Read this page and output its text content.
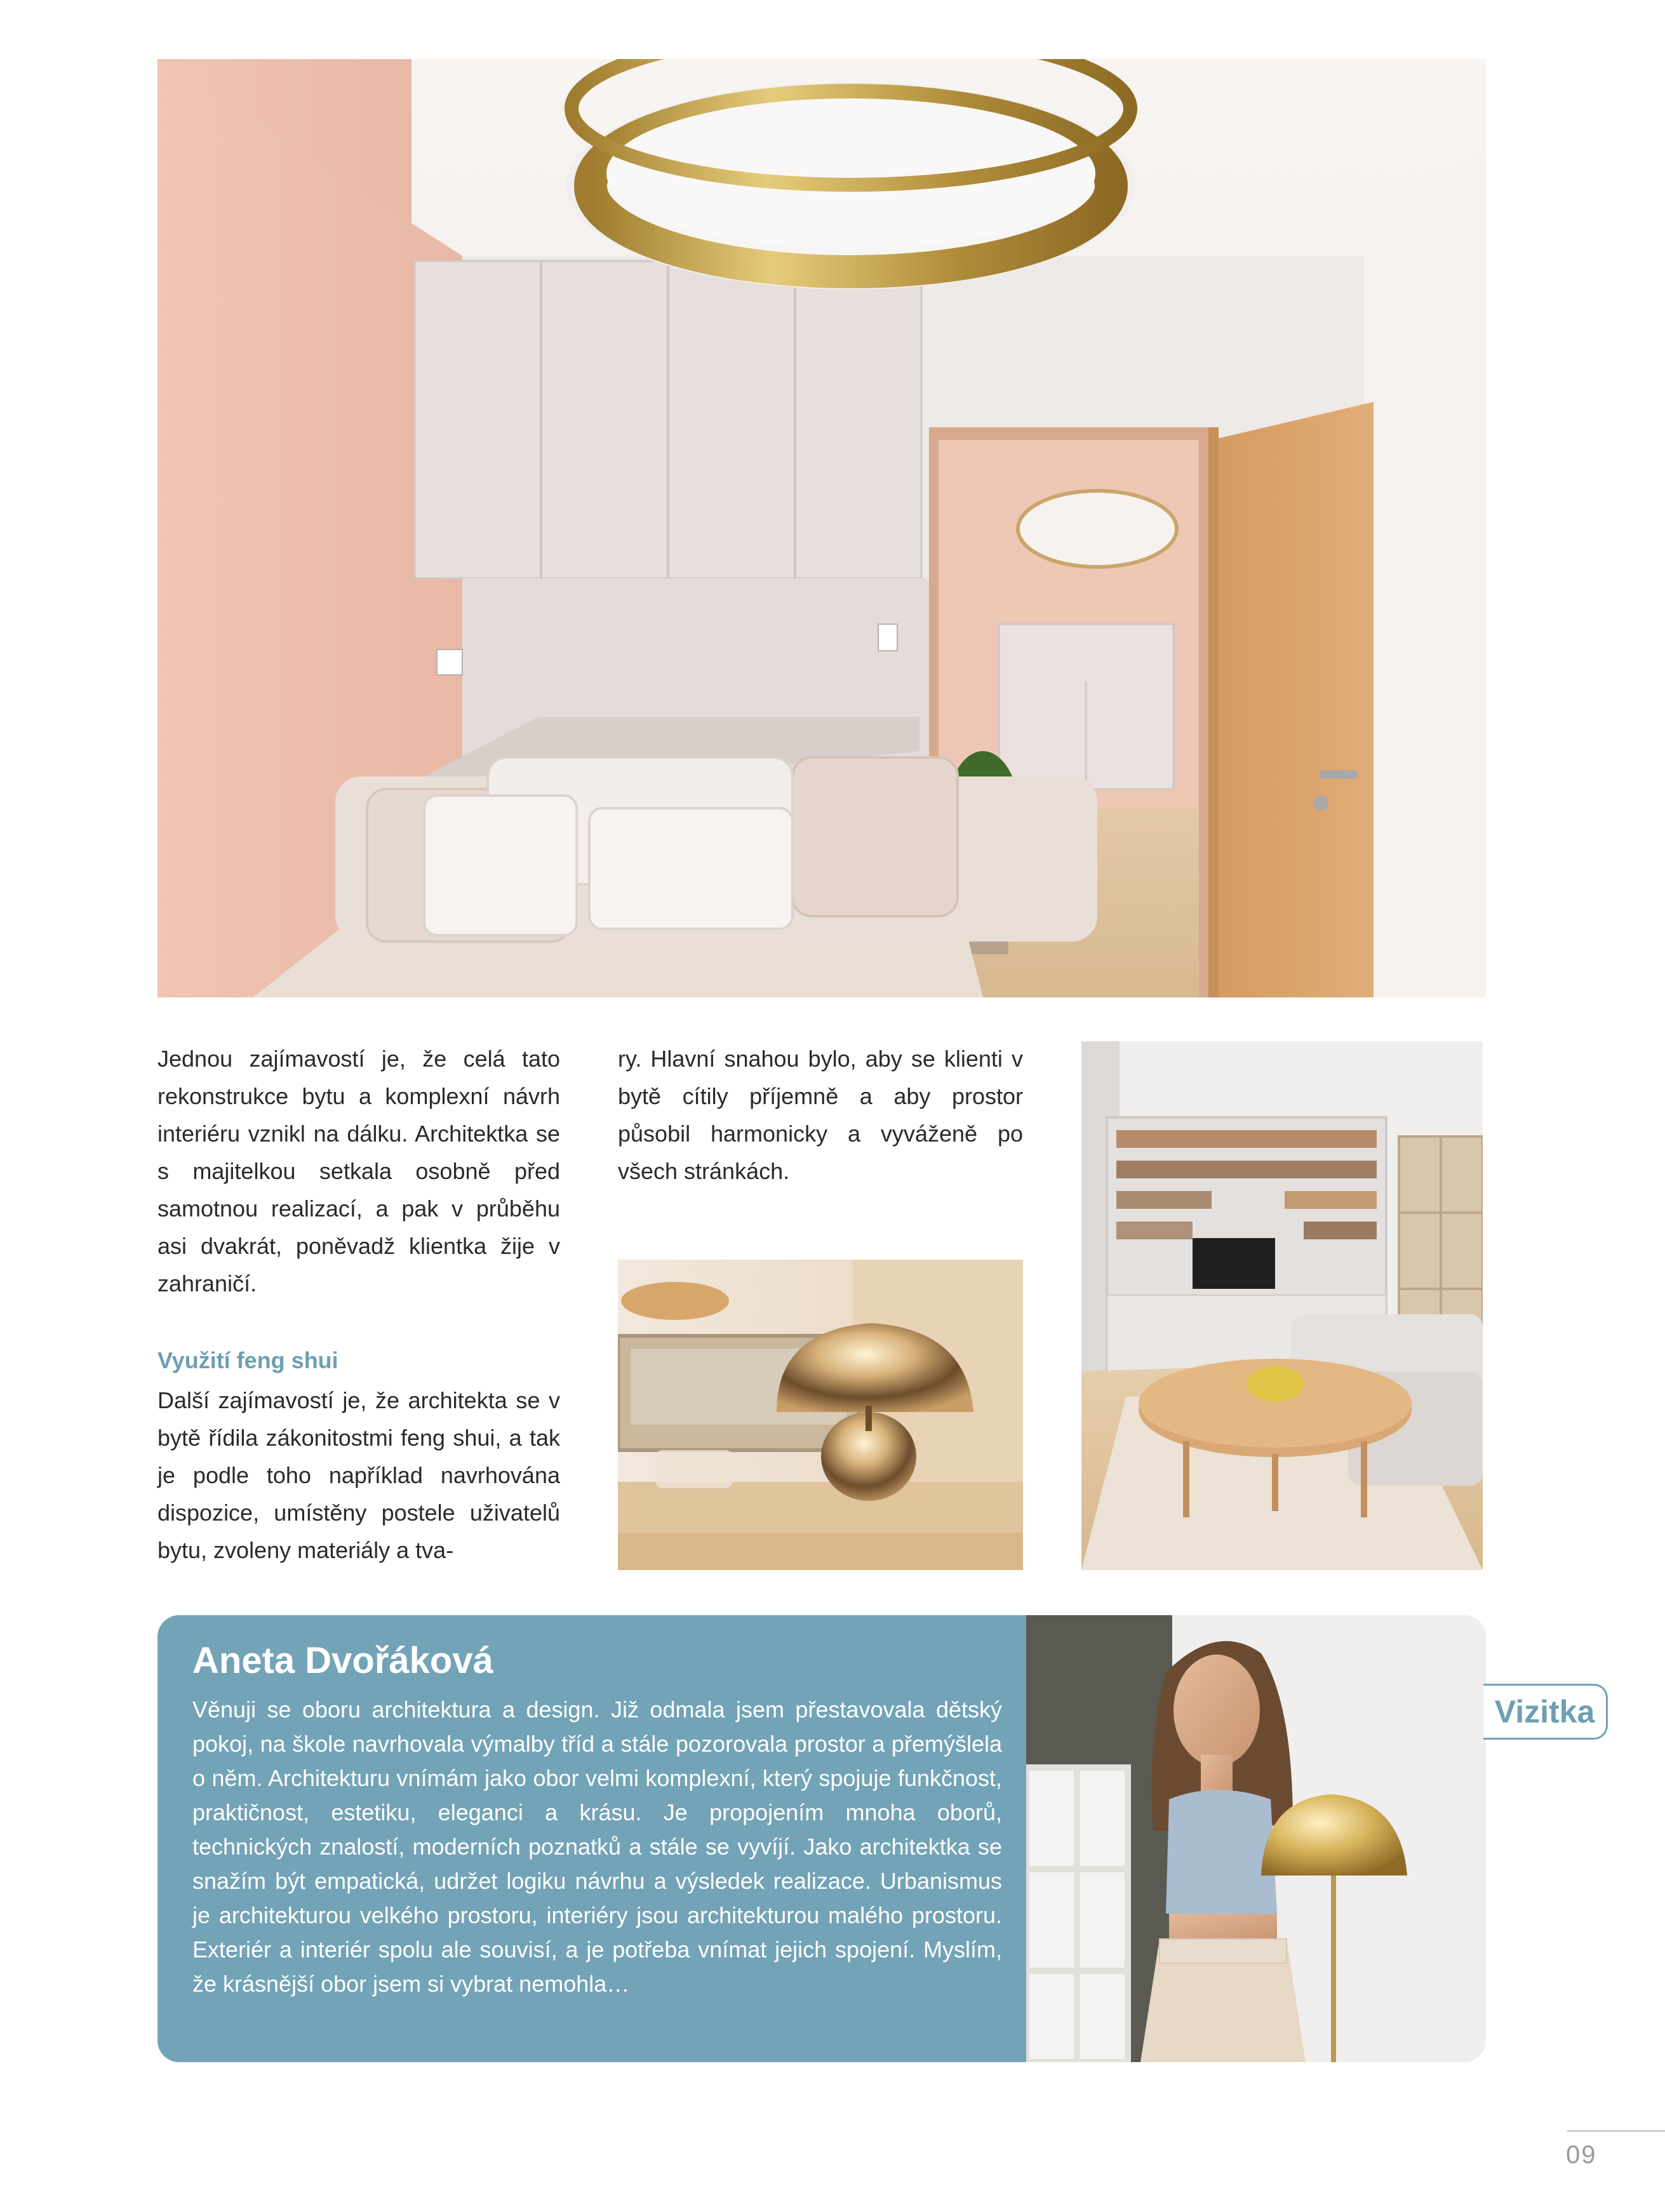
Jednou zajímavostí je, že celá tato rekonstrukce bytu a komplexní návrh interiéru vznikl na dálku. Architektka se s majitelkou setkala osobně před samotnou realizací, a pak v průběhu asi dvakrát, poněvadž klientka žije v zahraničí.

Využití feng shui

Další zajímavostí je, že architekta se v bytě řídila zákonitostmi feng shui, a tak je podle toho například navrhována dispozice, umístěny postele uživatelů bytu, zvoleny materiály a tva-

ry. Hlavní snahou bylo, aby se klienti v bytě cítily příjemně a aby prostor působil harmonicky a vyváženě po všech stránkách.

Aneta Dvořáková
Věnuji se oboru architektura a design. Již odmala jsem přestavovala dětský pokoj, na škole navrhovala výmalby tříd a stále pozorovala prostor a přemýšlela o něm. Architekturu vnímám jako obor velmi komplexní, který spojuje funkčnost, praktičnost, estetiku, eleganci a krásu. Je propojením mnoha oborů, technických znalostí, moderních poznatků a stále se vyvíjí. Jako architektka se snažím být empatická, udržet logiku návrhu a výsledek realizace. Urbanismus je architekturou velkého prostoru, interiéry jsou architekturou malého prostoru. Exteriér a interiér spolu ale souvisí, a je potřeba vnímat jejich spojení. Myslím, že krásnější obor jsem si vybrat nemohla…
Vizitka
09
